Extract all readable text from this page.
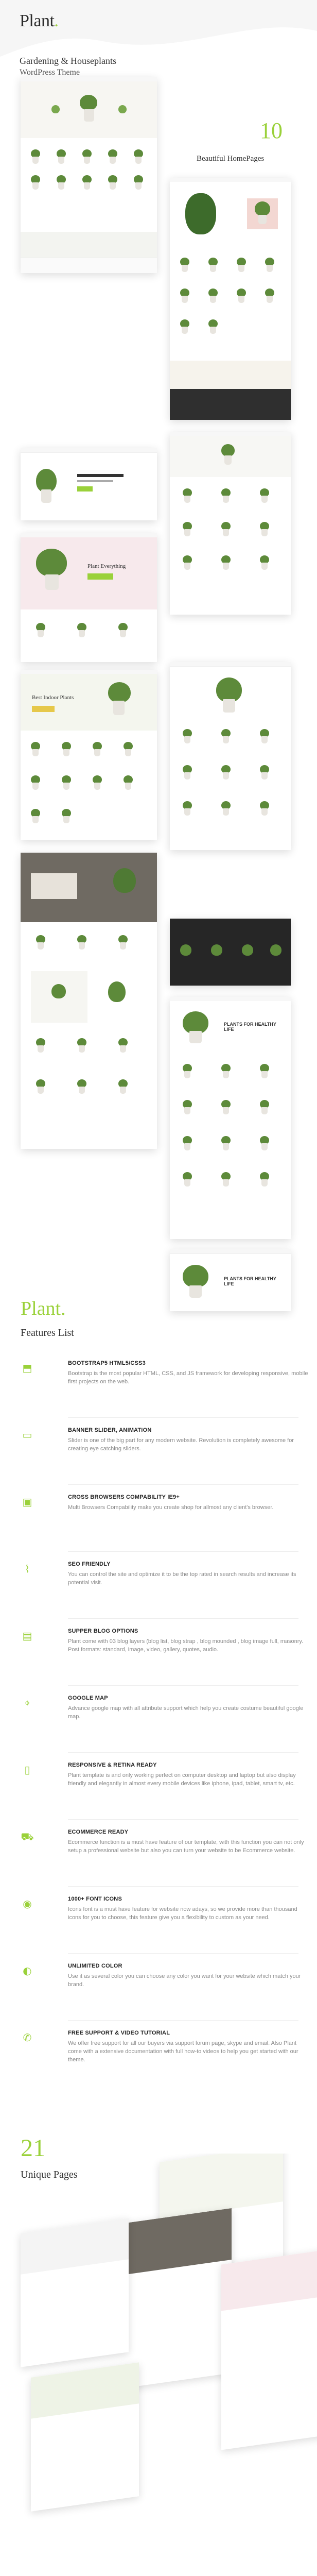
Plant.
Gardening & Houseplants
WordPress Theme
10
Beautiful HomePages
Plant Everything
Best Indoor Plants
PLANTS FOR HEALTHY LIFE
PLANTS FOR HEALTHY LIFE
Plant.
Features List
⬒	BOOTSTRAP5 HTML5/CSS3
Bootstrap is the most popular HTML, CSS, and JS framework for developing responsive, mobile first projects on the web.
▭	BANNER SLIDER, ANIMATION
Slider is one of the big part for any modern website. Revolution is completely awesome for creating eye catching sliders.
▣	CROSS BROWSERS COMPABILITY IE9+
Multi Browsers Compability make you create shop for allmost any client's browser.
⌇	SEO FRIENDLY
You can control the site and optimize it to be the top rated in search results and increase its potential visit.
▤	SUPPER BLOG OPTIONS
Plant come with 03 blog layers (blog list, blog strap , blog mounded , blog image full, masonry. Post formats: standard, image, video, gallery, quotes, audio.
⌖	GOOGLE MAP
Advance google map with all attribute support which help you create costume beautiful google map.
▯	RESPONSIVE & RETINA READY
Plant template is and only working perfect on computer desktop and laptop but also display friendly and elegantly in almost every mobile devices like iphone, ipad, tablet, smart tv, etc.
⛟	ECOMMERCE READY
Ecommerce function is a must have feature of our template, with this function you can not only setup a professional website but also you can turn your website to be Ecommerce website.
◉	1000+ FONT ICONS
Icons font is a must have feature for website now adays, so we provide more than thousand icons for you to choose, this feature give you a flexibility to custom as your need.
◐	UNLIMITED COLOR
Use it as several color you can choose any color you want for your website which match your brand.
✆	FREE SUPPORT & VIDEO TUTORIAL
We offer free support for all our buyers via support forum page, skype and email. Also Plant come with a extensive documentation with full how-to videos to help you get started with our theme.
21
Unique Pages
